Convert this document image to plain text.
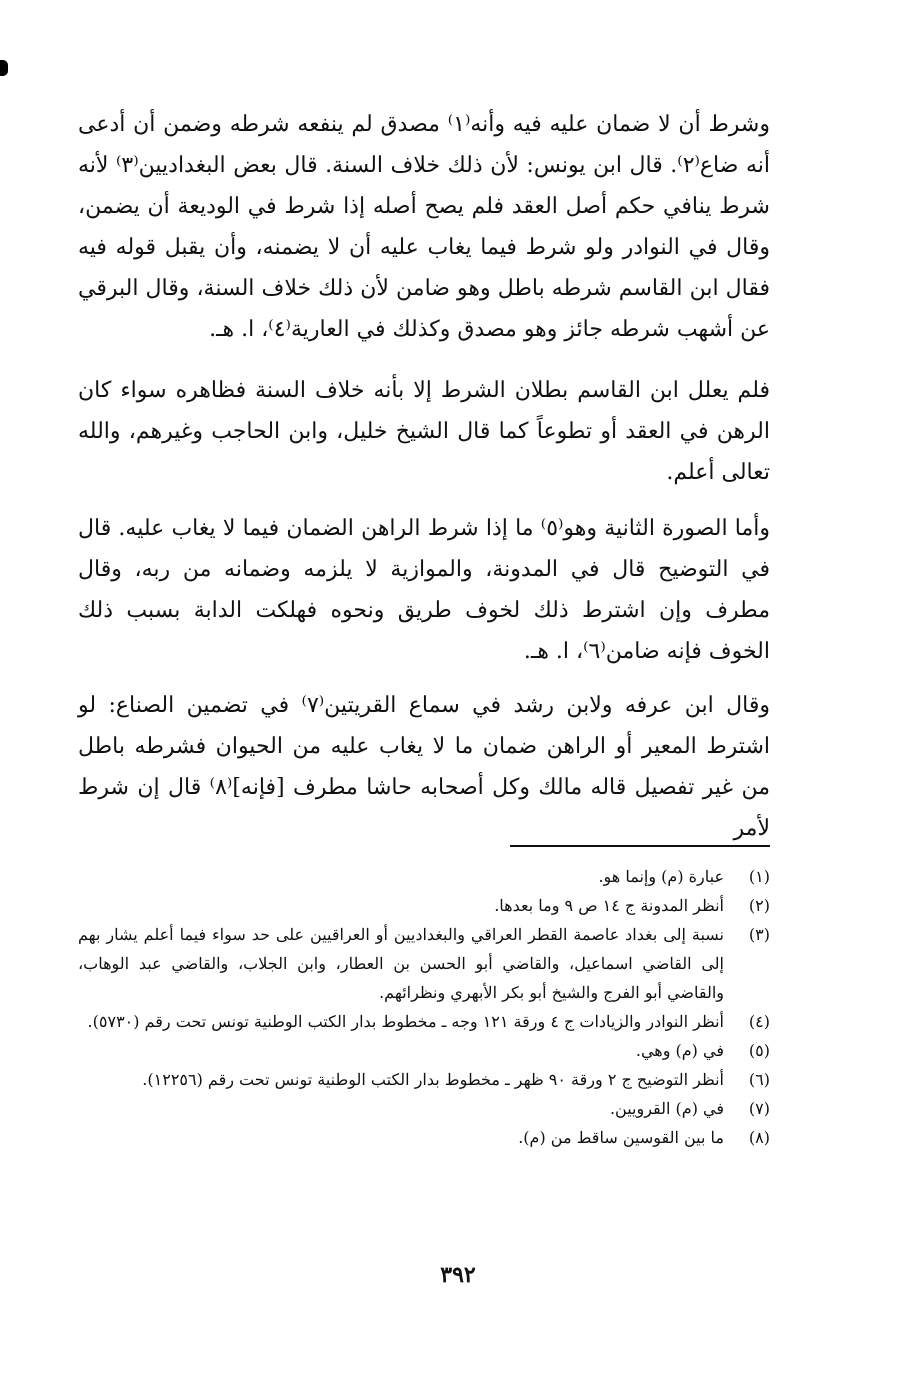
وشرط أن لا ضمان عليه فيه وأنه⁽١⁾ مصدق لم ينفعه شرطه وضمن أن أدعى أنه ضاع⁽٢⁾. قال ابن يونس: لأن ذلك خلاف السنة. قال بعض البغداديين⁽٣⁾ لأنه شرط ينافي حكم أصل العقد فلم يصح أصله إذا شرط في الوديعة أن يضمن، وقال في النوادر ولو شرط فيما يغاب عليه أن لا يضمنه، وأن يقبل قوله فيه فقال ابن القاسم شرطه باطل وهو ضامن لأن ذلك خلاف السنة، وقال البرقي عن أشهب شرطه جائز وهو مصدق وكذلك في العارية⁽٤⁾، ا. هـ.

فلم يعلل ابن القاسم بطلان الشرط إلا بأنه خلاف السنة فظاهره سواء كان الرهن في العقد أو تطوعاً كما قال الشيخ خليل، وابن الحاجب وغيرهم، والله تعالى أعلم.

وأما الصورة الثانية وهو⁽٥⁾ ما إذا شرط الراهن الضمان فيما لا يغاب عليه. قال في التوضيح قال في المدونة، والموازية لا يلزمه وضمانه من ربه، وقال مطرف وإن اشترط ذلك لخوف طريق ونحوه فهلكت الدابة بسبب ذلك الخوف فإنه ضامن⁽٦⁾، ا. هـ.

وقال ابن عرفه ولابن رشد في سماع القريتين⁽٧⁾ في تضمين الصناع: لو اشترط المعير أو الراهن ضمان ما لا يغاب عليه من الحيوان فشرطه باطل من غير تفصيل قاله مالك وكل أصحابه حاشا مطرف [فإنه]⁽٨⁾ قال إن شرط لأمر

(١)
عبارة (م) وإنما هو.
(٢)
أنظر المدونة ج ١٤ ص ٩ وما بعدها.
(٣)
نسبة إلى بغداد عاصمة القطر العراقي والبغداديين أو العراقيين على حد سواء فيما أعلم يشار بهم إلى القاضي اسماعيل، والقاضي أبو الحسن بن العطار، وابن الجلاب، والقاضي عبد الوهاب، والقاضي أبو الفرج والشيخ أبو بكر الأبهري ونظرائهم.
(٤)
أنظر النوادر والزيادات ج ٤ ورقة ١٢١ وجه ـ مخطوط بدار الكتب الوطنية تونس تحت رقم (٥٧٣٠).
(٥)
في (م) وهي.
(٦)
أنظر التوضيح ج ٢ ورقة ٩٠ ظهر ـ مخطوط بدار الكتب الوطنية تونس تحت رقم (١٢٢٥٦).
(٧)
في (م) القرويين.
(٨)
ما بين القوسين ساقط من (م).
٣٩٢
